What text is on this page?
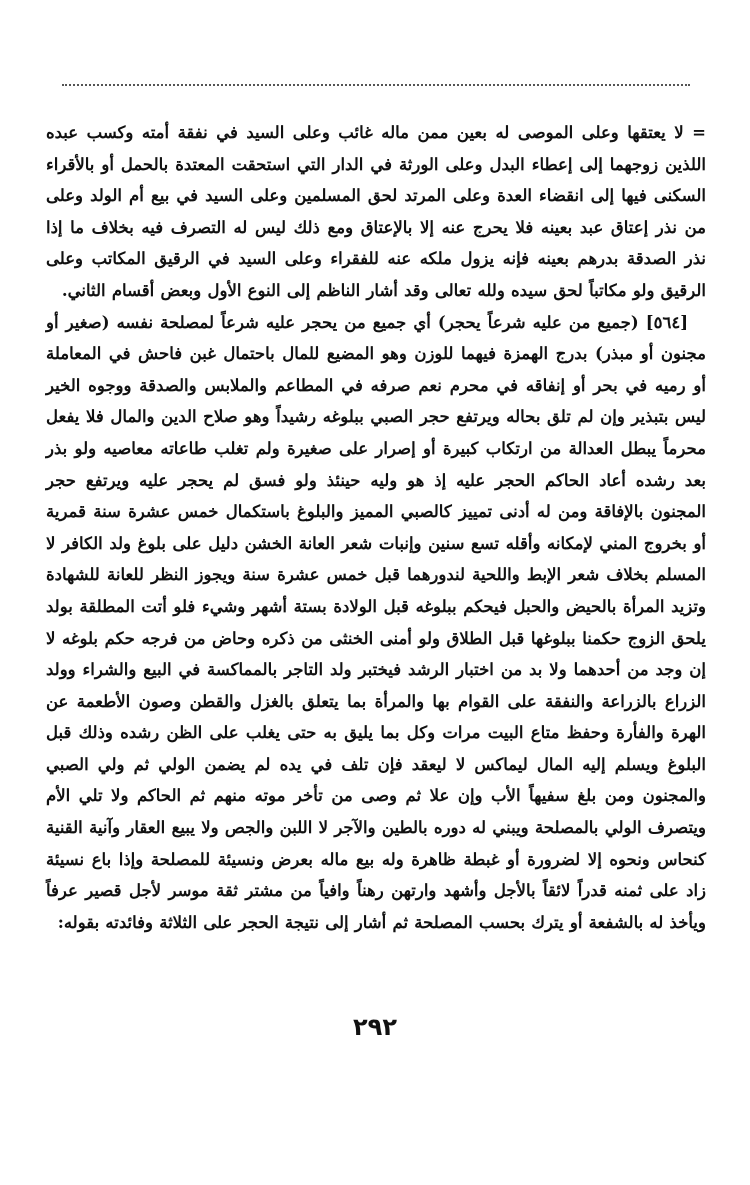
= لا يعتقها وعلى الموصى له بعين ممن ماله غائب وعلى السيد في نفقة أمته وكسب عبده اللذين زوجهما إلى إعطاء البدل وعلى الورثة في الدار التي استحقت المعتدة بالحمل أو بالأقراء السكنى فيها إلى انقضاء العدة وعلى المرتد لحق المسلمين وعلى السيد في بيع أم الولد وعلى من نذر إعتاق عبد بعينه فلا يحرج عنه إلا بالإعتاق ومع ذلك ليس له التصرف فيه بخلاف ما إذا نذر الصدقة بدرهم بعينه فإنه يزول ملكه عنه للفقراء وعلى السيد في الرقيق المكاتب وعلى الرقيق ولو مكاتباً لحق سيده ولله تعالى وقد أشار الناظم إلى النوع الأول وبعض أقسام الثاني.

[٥٦٤] (جميع من عليه شرعاً يحجر) أي جميع من يحجر عليه شرعاً لمصلحة نفسه (صغير أو مجنون أو مبذر) بدرج الهمزة فيهما للوزن وهو المضيع للمال باحتمال غبن فاحش في المعاملة أو رميه في بحر أو إنفاقه في محرم نعم صرفه في المطاعم والملابس والصدقة ووجوه الخير ليس بتبذير وإن لم تلق بحاله ويرتفع حجر الصبي ببلوغه رشيداً وهو صلاح الدين والمال فلا يفعل محرماً يبطل العدالة من ارتكاب كبيرة أو إصرار على صغيرة ولم تغلب طاعاته معاصيه ولو بذر بعد رشده أعاد الحاكم الحجر عليه إذ هو وليه حينئذ ولو فسق لم يحجر عليه ويرتفع حجر المجنون بالإفاقة ومن له أدنى تمييز كالصبي المميز والبلوغ باستكمال خمس عشرة سنة قمرية أو بخروج المني لإمكانه وأقله تسع سنين وإنبات شعر العانة الخشن دليل على بلوغ ولد الكافر لا المسلم بخلاف شعر الإبط واللحية لندورهما قبل خمس عشرة سنة ويجوز النظر للعانة للشهادة وتزيد المرأة بالحيض والحبل فيحكم ببلوغه قبل الولادة بستة أشهر وشيء فلو أتت المطلقة بولد يلحق الزوج حكمنا ببلوغها قبل الطلاق ولو أمنى الخنثى من ذكره وحاض من فرجه حكم بلوغه لا إن وجد من أحدهما ولا بد من اختبار الرشد فيختبر ولد التاجر بالمماكسة في البيع والشراء وولد الزراع بالزراعة والنفقة على القوام بها والمرأة بما يتعلق بالغزل والقطن وصون الأطعمة عن الهرة والفأرة وحفظ متاع البيت مرات وكل بما يليق به حتى يغلب على الظن رشده وذلك قبل البلوغ ويسلم إليه المال ليماكس لا ليعقد فإن تلف في يده لم يضمن الولي ثم ولي الصبي والمجنون ومن بلغ سفيهاً الأب وإن علا ثم وصى من تأخر موته منهم ثم الحاكم ولا تلي الأم ويتصرف الولي بالمصلحة ويبني له دوره بالطين والآجر لا اللبن والجص ولا يبيع العقار وآنية القنية كنحاس ونحوه إلا لضرورة أو غبطة ظاهرة وله بيع ماله بعرض ونسيئة للمصلحة وإذا باع نسيئة زاد على ثمنه قدراً لائقاً بالأجل وأشهد وارتهن رهناً وافياً من مشتر ثقة موسر لأجل قصير عرفاً ويأخذ له بالشفعة أو يترك بحسب المصلحة ثم أشار إلى نتيجة الحجر على الثلاثة وفائدته بقوله:

٢٩٢
